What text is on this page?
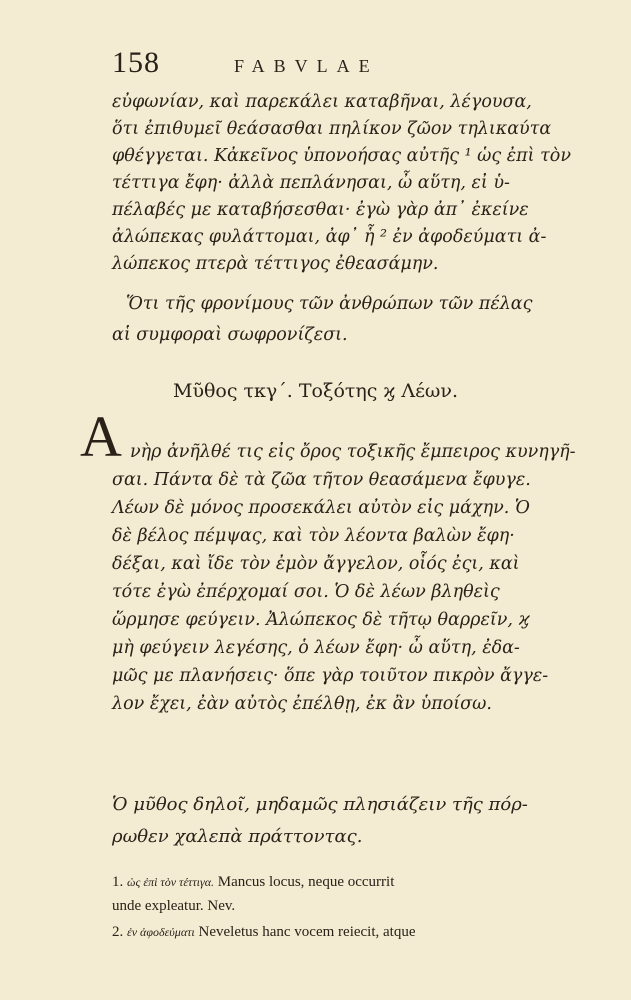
158	FABVLAE
εὐφωνίαν, καὶ παρεκάλει καταβῆναι, λέγουσα,
ὅτι ἐπιθυμεῖ θεάσασθαι πηλίκον ζῶον τηλικαύτα
φθέγγεται. Κἀκεῖνος ὑπονοήσας αὐτῆς ¹ ὡς ἐπὶ τὸν
τέττιγα ἔφη· ἀλλὰ πεπλάνησαι, ὦ αὕτη, εἰ ὑ-
πέλαβές με καταβήσεσθαι· ἐγὼ γὰρ ἀπ᾽ ἐκείνε
ἀλώπεκας φυλάττομαι, ἀφ᾽ ἧ ² ἐν ἀφοδεύματι ἀ-
λώπεκος πτερὰ τέττιγος ἐθεασάμην.
Ὅτι τῆς φρονίμους τῶν ἀνθρώπων τῶν πέλας
αἱ συμφοραὶ σωφρονίζεσι.
Μῦθος τκγ΄. Τοξότης ϗ Λέων.
Α νὴρ ἀνῆλθέ τις εἰς ὄρος τοξικῆς ἔμπειρος κυνηγῆ-
σαι. Πάντα δὲ τὰ ζῶα τῆτον θεασάμενα ἔφυγε.
Λέων δὲ μόνος προσεκάλει αὐτὸν εἰς μάχην. Ὁ
δὲ βέλος πέμψας, καὶ τὸν λέοντα βαλὼν ἔφη·
δέξαι, καὶ ἴδε τὸν ἐμὸν ἄγγελον, οἷός ἐςι, καὶ
τότε ἐγὼ ἐπέρχομαί σοι. Ὁ δὲ λέων βληθεὶς
ὥρμησε φεύγειν. Ἀλώπεκος δὲ τῆτῳ θαρρεῖν, ϗ
μὴ φεύγειν λεγέσης, ὁ λέων ἔφη· ὦ αὕτη, ἐδα-
μῶς με πλανήσεις· ὅπε γὰρ τοιῦτον πικρὸν ἄγγε-
λον ἔχει, ἐὰν αὐτὸς ἐπέλθῃ, ἐκ ἂν ὑποίσω.
Ὁ μῦθος δηλοῖ, μηδαμῶς πλησιάζειν τῆς πόρ-
ρωθεν χαλεπὰ πράττοντας.
1. ὡς ἐπὶ τὸν τέττιγα. Mancus locus, neque occurrit
unde expleatur. Nev.
2. ἐν ἀφοδεύματι Neveletus hanc vocem reiecit, atque
